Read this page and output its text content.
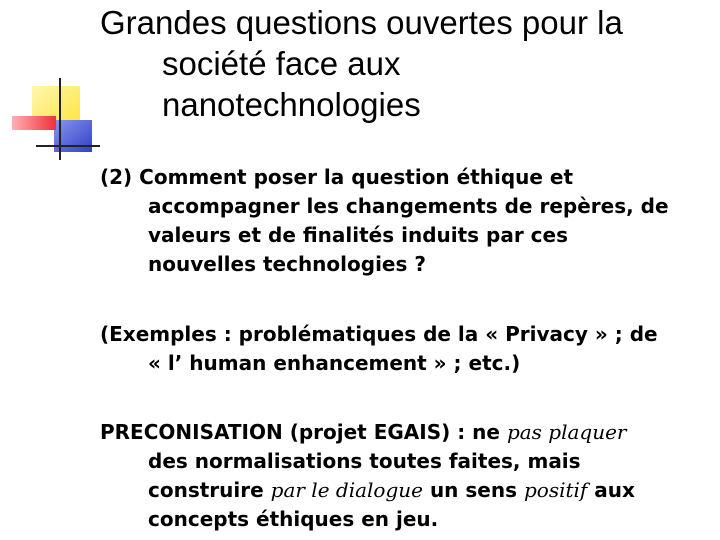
Grandes questions ouvertes pour la
société face aux
nanotechnologies
(2) Comment poser la question éthique et
accompagner les changements de repères, de
valeurs et de finalités induits par ces
nouvelles technologies ?
(Exemples : problématiques de la « Privacy » ; de
« l’ human enhancement » ; etc.)
PRECONISATION (projet EGAIS) : ne pas plaquer
des normalisations toutes faites, mais
construire par le dialogue un sens positif aux
concepts éthiques en jeu.
